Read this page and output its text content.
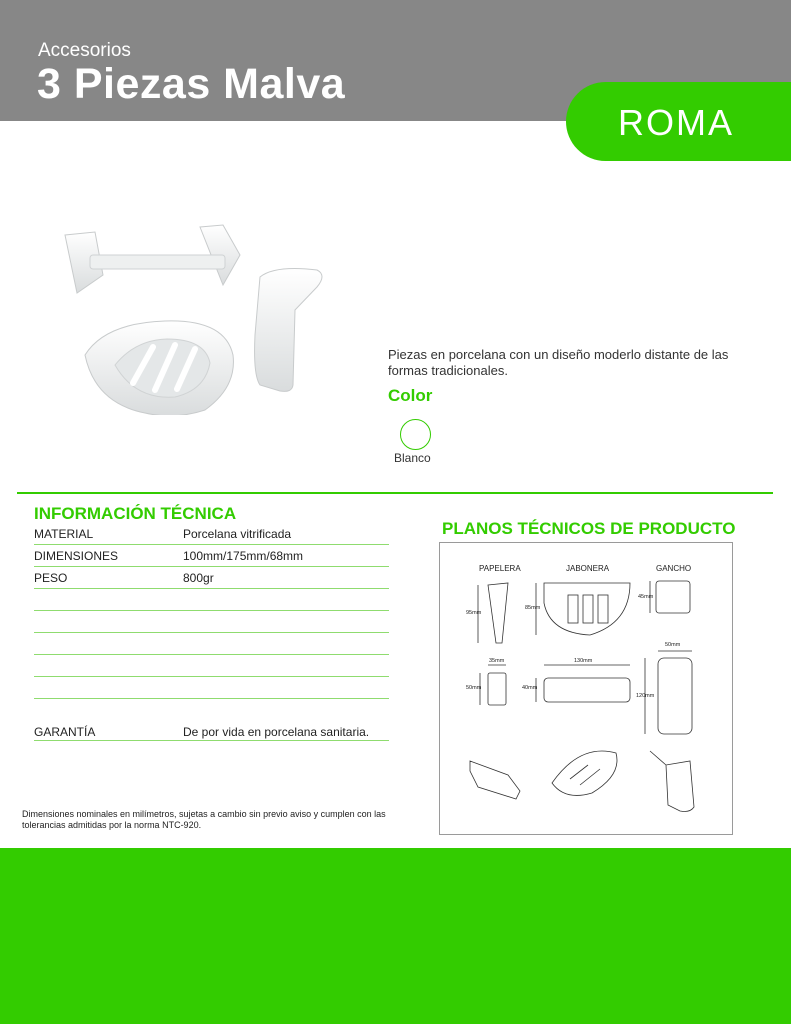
Accesorios
3 Piezas Malva
ROMA
Piezas en porcelana con un diseño moderlo distante de las formas tradicionales.
Color
Blanco
INFORMACIÓN TÉCNICA
MATERIAL	Porcelana vitrificada
DIMENSIONES	100mm/175mm/68mm
PESO	800gr
GARANTÍA	De por vida en porcelana sanitaria.
Dimensiones nominales en milímetros, sujetas a cambio sin previo aviso y cumplen con las tolerancias admitidas por la norma NTC-920.
PLANOS TÉCNICOS DE PRODUCTO
PAPELERA	JABONERA	GANCHO
95mm
85mm
45mm
35mm
50mm
130mm
40mm
50mm
120mm
